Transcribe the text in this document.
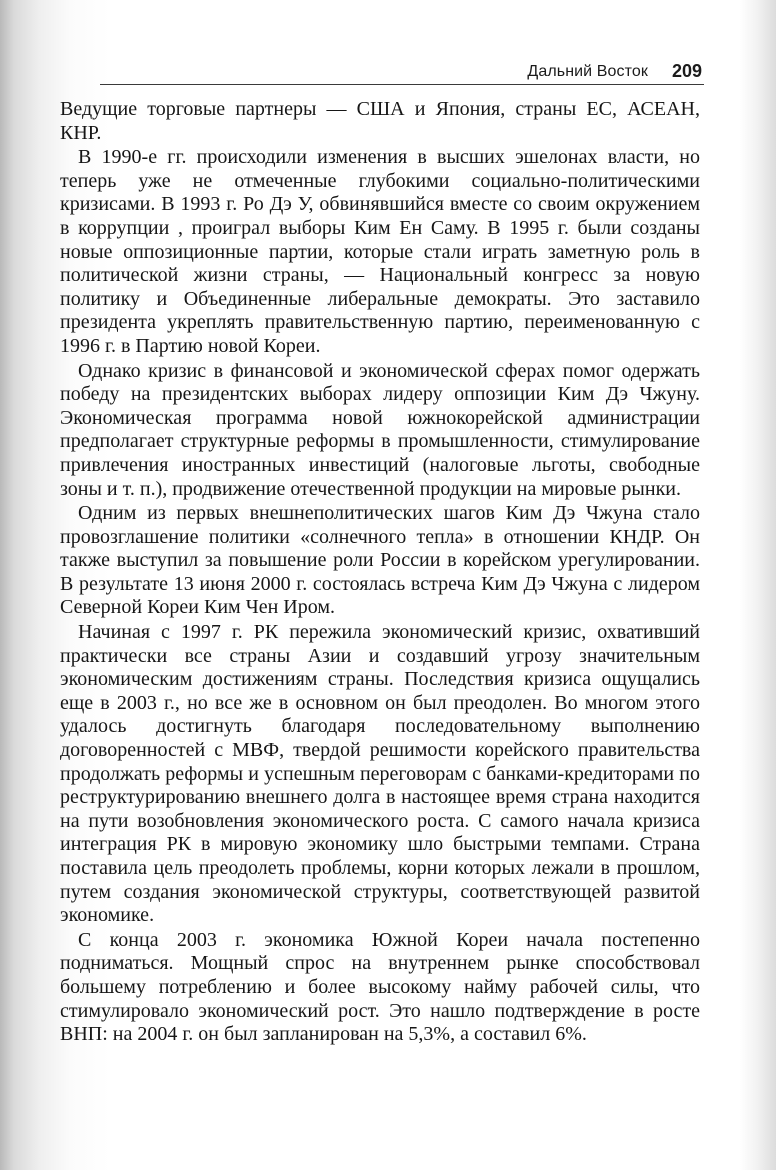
Дальний Восток 209

Ведущие торговые партнеры — США и Япония, страны ЕС, АСЕАН, КНР.

В 1990-е гг. происходили изменения в высших эшелонах власти, но теперь уже не отмеченные глубокими социально-политическими кризисами. В 1993 г. Ро Дэ У, обвинявшийся вместе со своим окружением в коррупции , проиграл выборы Ким Ен Саму. В 1995 г. были созданы новые оппозиционные партии, которые стали играть заметную роль в политической жизни страны, — Национальный конгресс за новую политику и Объединенные либеральные демократы. Это заставило президента укреплять правительственную партию, переименованную с 1996 г. в Партию новой Кореи.

Однако кризис в финансовой и экономической сферах помог одержать победу на президентских выборах лидеру оппозиции Ким Дэ Чжуну. Экономическая программа новой южнокорейской администрации предполагает структурные реформы в промышленности, стимулирование привлечения иностранных инвестиций (налоговые льготы, свободные зоны и т. п.), продвижение отечественной продукции на мировые рынки.

Одним из первых внешнеполитических шагов Ким Дэ Чжуна стало провозглашение политики «солнечного тепла» в отношении КНДР. Он также выступил за повышение роли России в корейском урегулировании. В результате 13 июня 2000 г. состоялась встреча Ким Дэ Чжуна с лидером Северной Кореи Ким Чен Иром.

Начиная с 1997 г. РК пережила экономический кризис, охвативший практически все страны Азии и создавший угрозу значительным экономическим достижениям страны. Последствия кризиса ощущались еще в 2003 г., но все же в основном он был преодолен. Во многом этого удалось достигнуть благодаря последовательному выполнению договоренностей с МВФ, твердой решимости корейского правительства продолжать реформы и успешным переговорам с банками-кредиторами по реструктурированию внешнего долга в настоящее время страна находится на пути возобновления экономического роста. С самого начала кризиса интеграция РК в мировую экономику шло быстрыми темпами. Страна поставила цель преодолеть проблемы, корни которых лежали в прошлом, путем создания экономической структуры, соответствующей развитой экономике.

С конца 2003 г. экономика Южной Кореи начала постепенно подниматься. Мощный спрос на внутреннем рынке способствовал большему потреблению и более высокому найму рабочей силы, что стимулировало экономический рост. Это нашло подтверждение в росте ВНП: на 2004 г. он был запланирован на 5,3%, а составил 6%.
